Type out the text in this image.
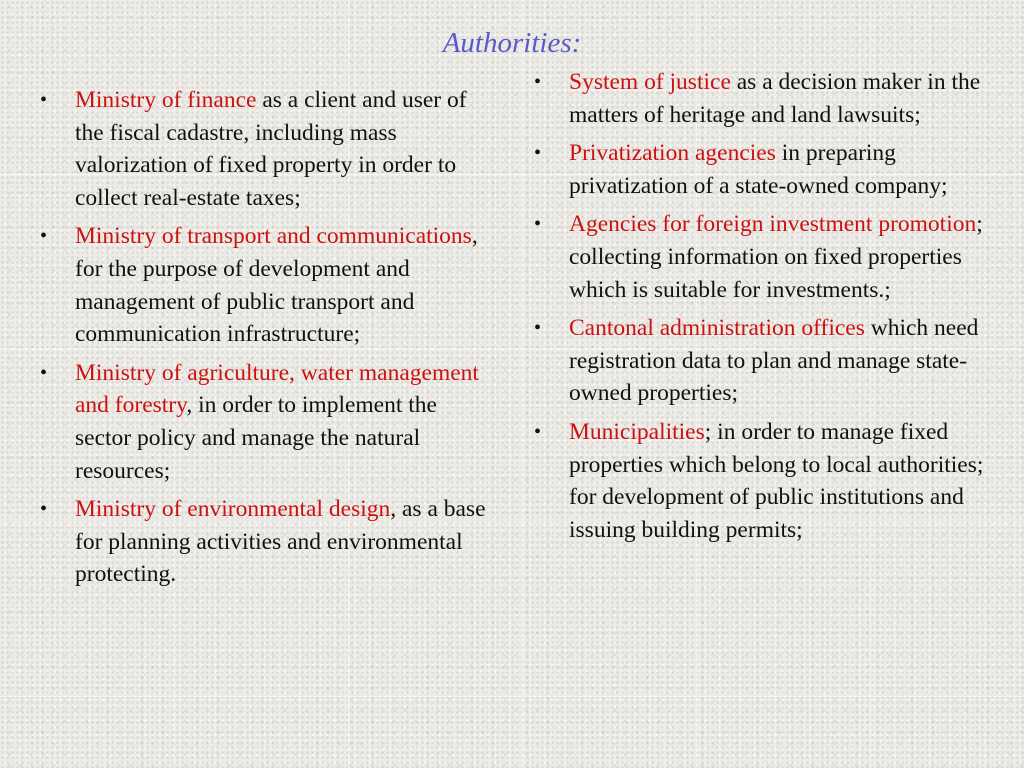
Authorities:
• Ministry of finance as a client and user of the fiscal cadastre, including mass valorization of fixed property in order to collect real-estate taxes;
• Ministry of transport and communications, for the purpose of development and management of public transport and communication infrastructure;
• Ministry of agriculture, water management and forestry, in order to implement the sector policy and manage the natural resources;
• Ministry of environmental design, as a base for planning activities and environmental protecting.
• System of justice as a decision maker in the matters of heritage and land lawsuits;
• Privatization agencies in preparing privatization of a state-owned company;
• Agencies for foreign investment promotion; collecting information on fixed properties which is suitable for investments.;
• Cantonal administration offices which need registration data to plan and manage state-owned properties;
• Municipalities; in order to manage fixed properties which belong to local authorities; for development of public institutions and issuing building permits;
